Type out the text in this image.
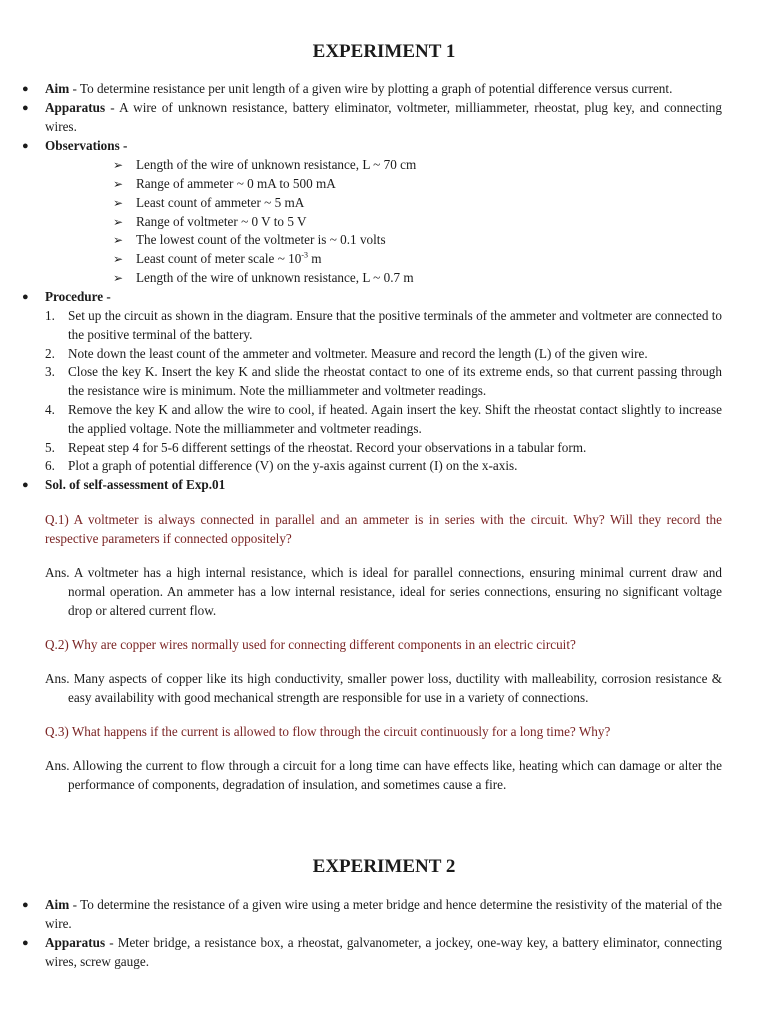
EXPERIMENT 1
● Aim - To determine resistance per unit length of a given wire by plotting a graph of potential difference versus current.
● Apparatus - A wire of unknown resistance, battery eliminator, voltmeter, milliammeter, rheostat, plug key, and connecting wires.
● Observations -
➢ Length of the wire of unknown resistance, L ~ 70 cm
➢ Range of ammeter ~ 0 mA to 500 mA
➢ Least count of ammeter ~ 5 mA
➢ Range of voltmeter ~ 0 V to 5 V
➢ The lowest count of the voltmeter is ~ 0.1 volts
➢ Least count of meter scale ~ $10^{-3}$ m
➢ Length of the wire of unknown resistance, L ~ 0.7 m
● Procedure -
1. Set up the circuit as shown in the diagram. Ensure that the positive terminals of the ammeter and voltmeter are connected to the positive terminal of the battery.
2. Note down the least count of the ammeter and voltmeter. Measure and record the length (L) of the given wire.
3. Close the key K. Insert the key K and slide the rheostat contact to one of its extreme ends, so that current passing through the resistance wire is minimum. Note the milliammeter and voltmeter readings.
4. Remove the key K and allow the wire to cool, if heated. Again insert the key. Shift the rheostat contact slightly to increase the applied voltage. Note the milliammeter and voltmeter readings.
5. Repeat step 4 for 5-6 different settings of the rheostat. Record your observations in a tabular form.
6. Plot a graph of potential difference (V) on the y-axis against current (I) on the x-axis.
● Sol. of self-assessment of Exp.01
Q.1) A voltmeter is always connected in parallel and an ammeter is in series with the circuit. Why? Will they record the respective parameters if connected oppositely?
Ans. A voltmeter has a high internal resistance, which is ideal for parallel connections, ensuring minimal current draw and normal operation. An ammeter has a low internal resistance, ideal for series connections, ensuring no significant voltage drop or altered current flow.
Q.2) Why are copper wires normally used for connecting different components in an electric circuit?
Ans. Many aspects of copper like its high conductivity, smaller power loss, ductility with malleability, corrosion resistance & easy availability with good mechanical strength are responsible for use in a variety of connections.
Q.3) What happens if the current is allowed to flow through the circuit continuously for a long time? Why?
Ans. Allowing the current to flow through a circuit for a long time can have effects like, heating which can damage or alter the performance of components, degradation of insulation, and sometimes cause a fire.
EXPERIMENT 2
● Aim - To determine the resistance of a given wire using a meter bridge and hence determine the resistivity of the material of the wire.
● Apparatus - Meter bridge, a resistance box, a rheostat, galvanometer, a jockey, one-way key, a battery eliminator, connecting wires, screw gauge.
